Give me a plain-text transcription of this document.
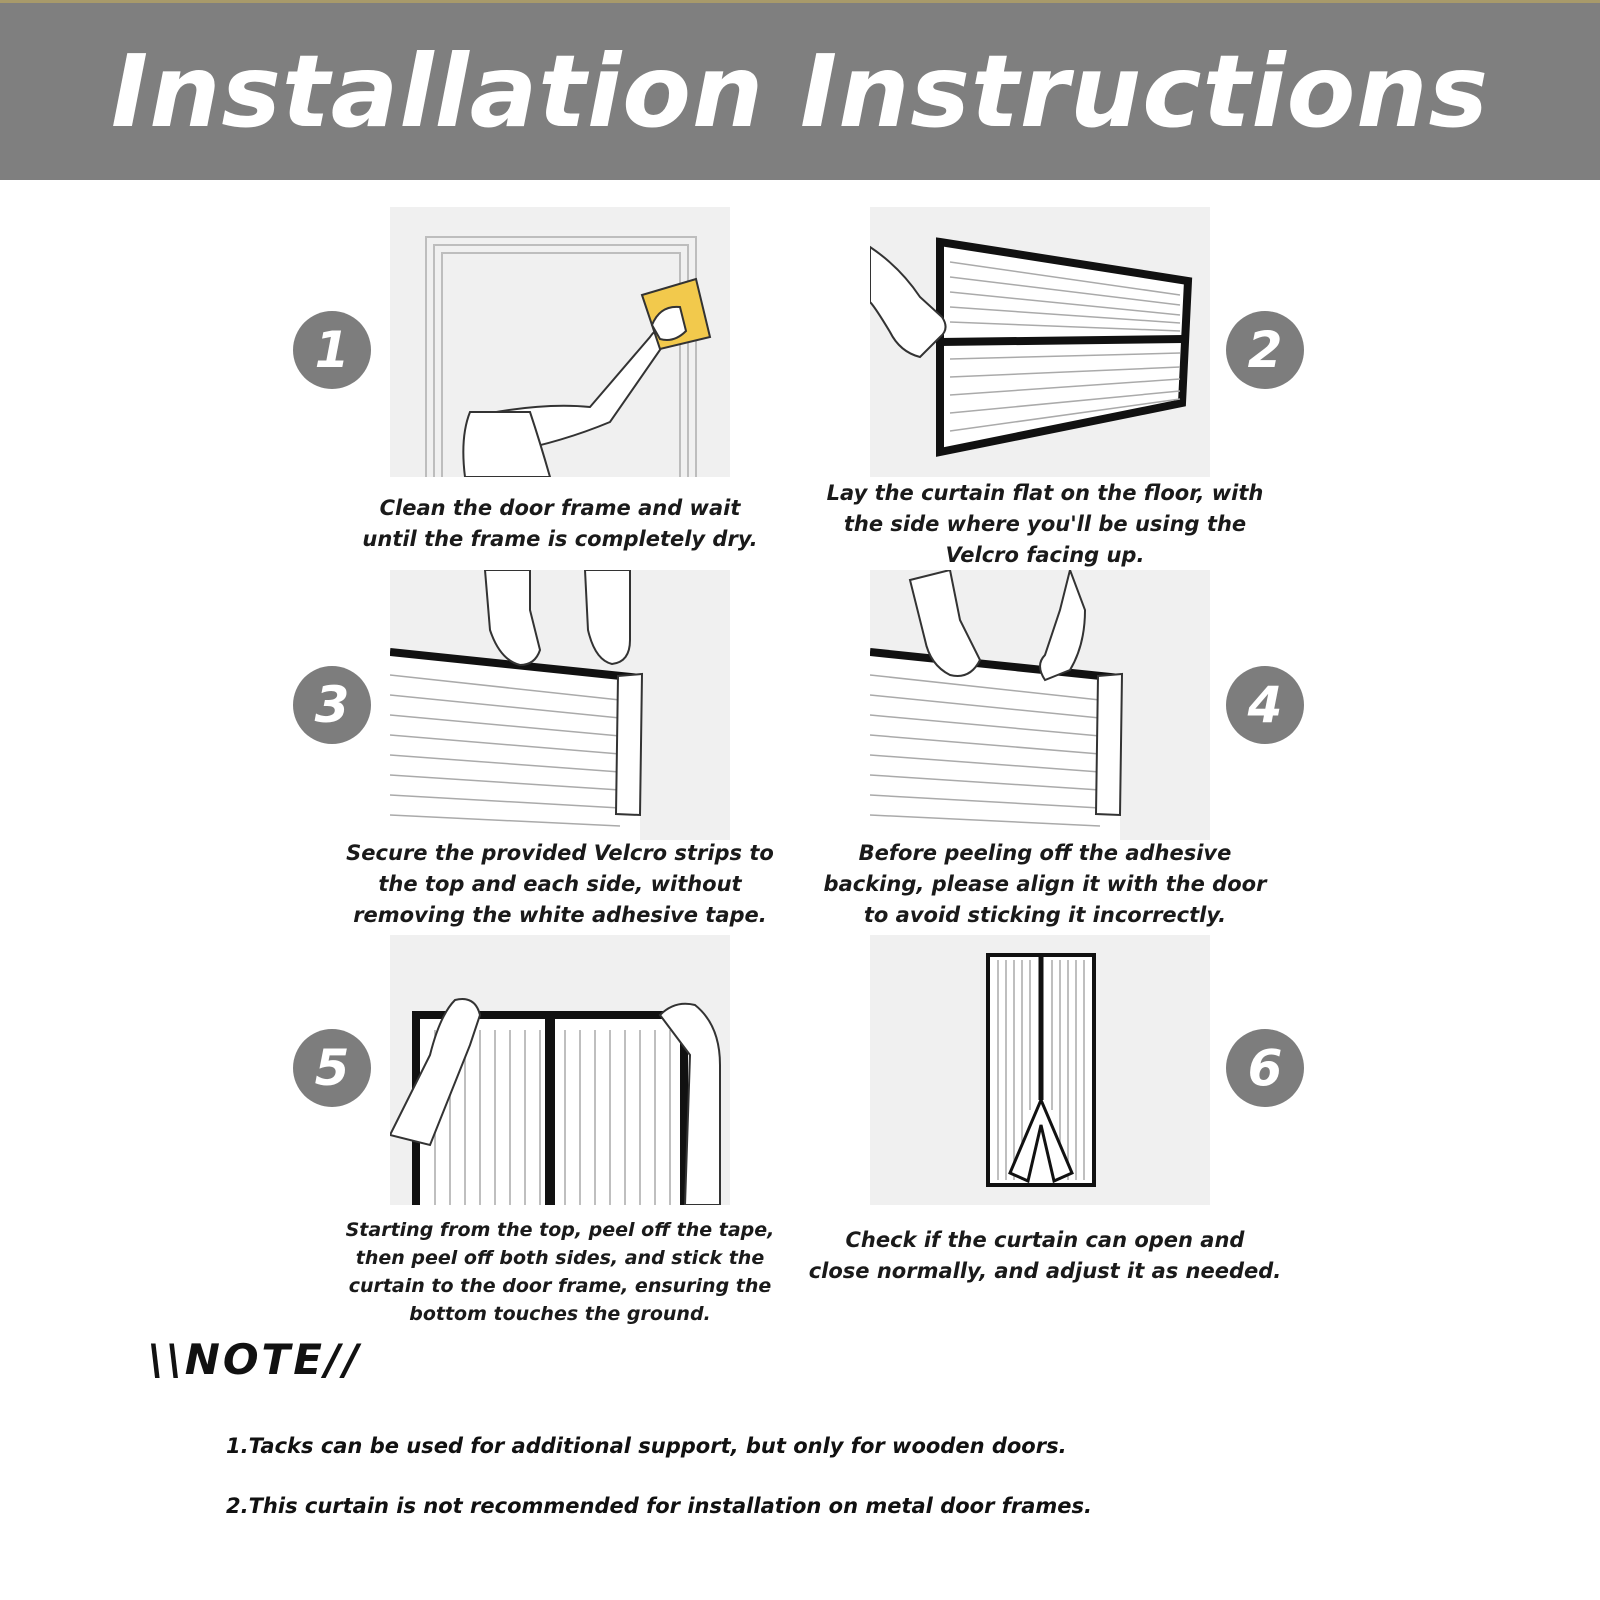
Installation Instructions
1
Clean the door frame and wait
until the frame is completely dry.
2
Lay the curtain flat on the floor, with
the side where you'll be using the
Velcro facing up.
3
Secure the provided Velcro strips to
the top and each side, without
removing the white adhesive tape.
4
Before peeling off the adhesive
backing, please align it with the door
to avoid sticking it incorrectly.
5
Starting from the top, peel off the tape,
then peel off both sides, and stick the
curtain to the door frame, ensuring the
bottom touches the ground.
6
Check if the curtain can open and
close normally, and adjust it as needed.
\\NOTE//
1.Tacks can be used for additional support, but only for wooden doors.
2.This curtain is not recommended for installation on metal door frames.
